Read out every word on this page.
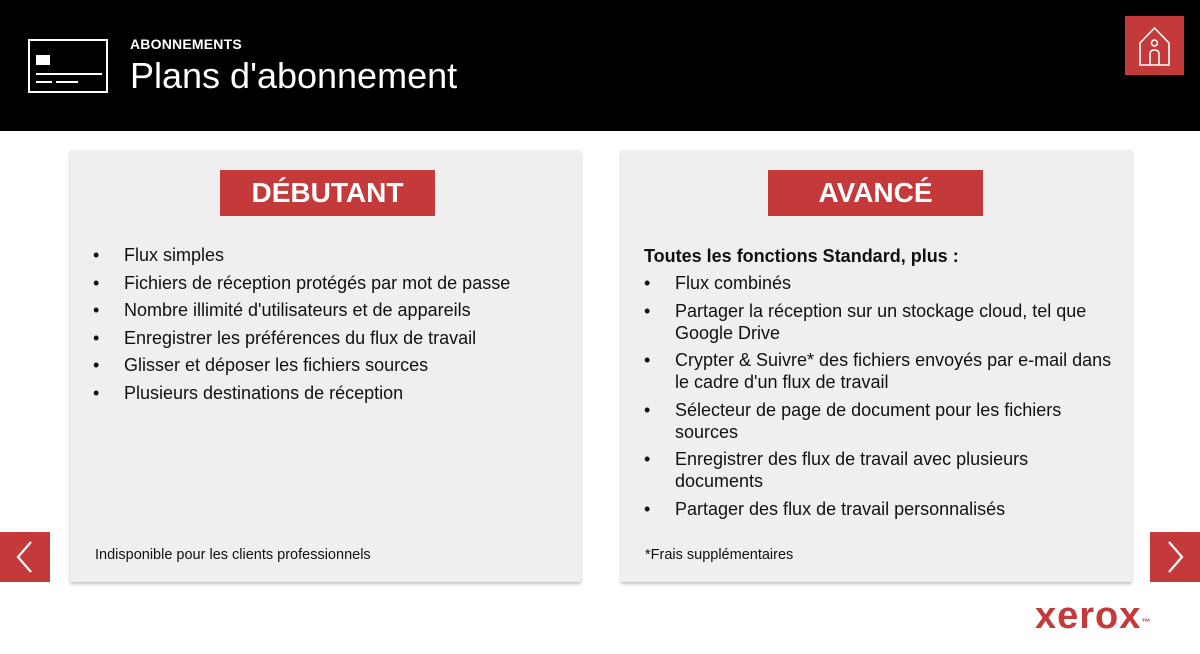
ABONNEMENTS
Plans d'abonnement
DÉBUTANT
• Flux simples
• Fichiers de réception protégés par mot de passe
• Nombre illimité d'utilisateurs et de appareils
• Enregistrer les préférences du flux de travail
• Glisser et déposer les fichiers sources
• Plusieurs destinations de réception
Indisponible pour les clients professionnels
AVANCÉ
Toutes les fonctions Standard, plus :
• Flux combinés
• Partager la réception sur un stockage cloud, tel que Google Drive
• Crypter & Suivre* des fichiers envoyés par e-mail dans le cadre d'un flux de travail
• Sélecteur de page de document pour les fichiers sources
• Enregistrer des flux de travail avec plusieurs documents
• Partager des flux de travail personnalisés
*Frais supplémentaires
xerox™
